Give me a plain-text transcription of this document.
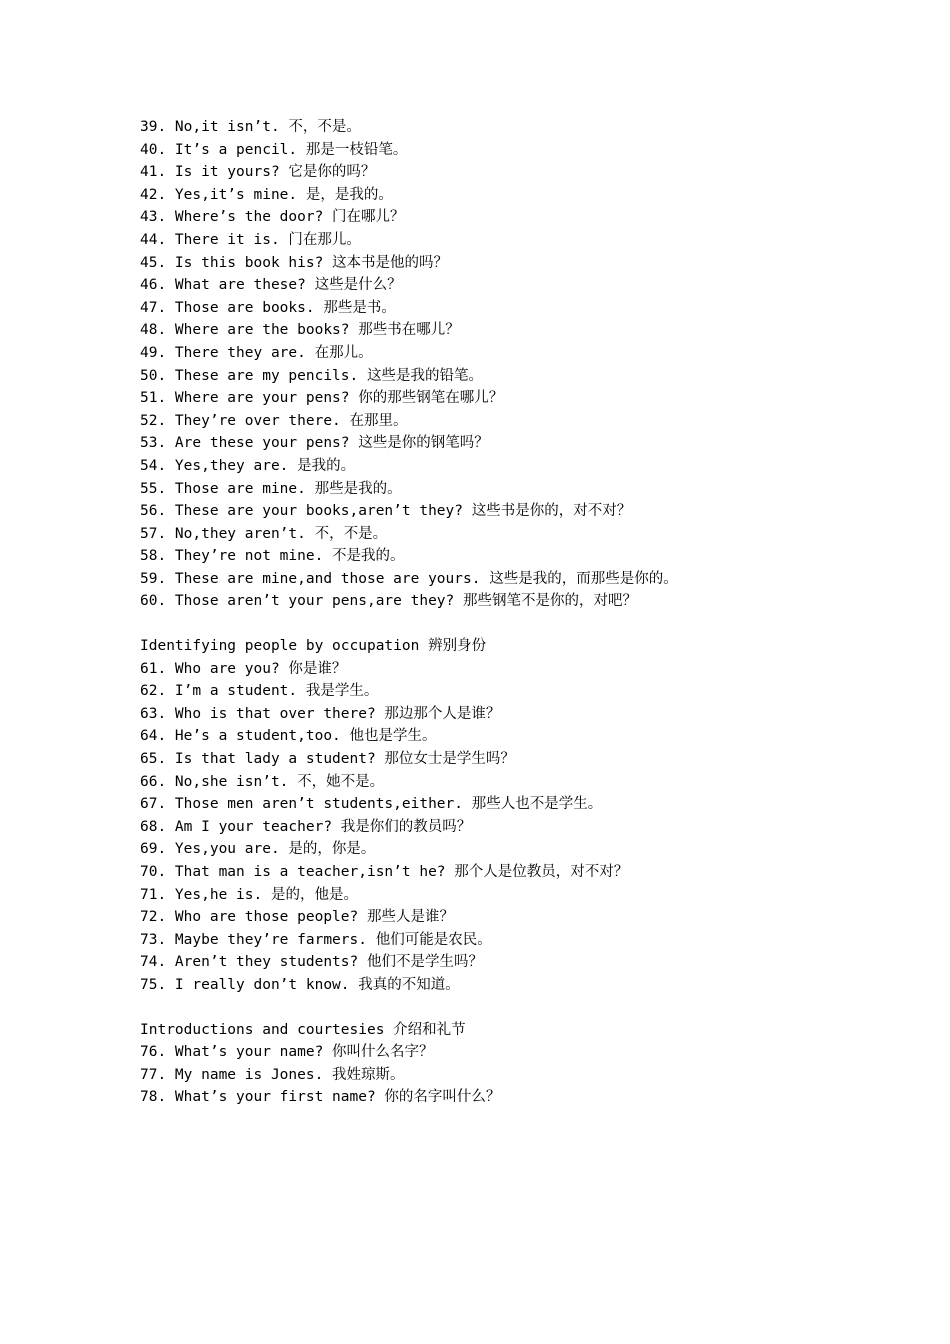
39. No,it isn’t. 不，不是。
40. It’s a pencil. 那是一枝铅笔。
41. Is it yours? 它是你的吗？
42. Yes,it’s mine. 是，是我的。
43. Where’s the door? 门在哪儿？
44. There it is. 门在那儿。
45. Is this book his? 这本书是他的吗？
46. What are these? 这些是什么？
47. Those are books. 那些是书。
48. Where are the books? 那些书在哪儿？
49. There they are. 在那儿。
50. These are my pencils. 这些是我的铅笔。
51. Where are your pens? 你的那些钢笔在哪儿？
52. They’re over there. 在那里。
53. Are these your pens? 这些是你的钢笔吗？
54. Yes,they are. 是我的。
55. Those are mine. 那些是我的。
56. These are your books,aren’t they? 这些书是你的，对不对？
57. No,they aren’t. 不，不是。
58. They’re not mine. 不是我的。
59. These are mine,and those are yours. 这些是我的，而那些是你的。
60. Those aren’t your pens,are they? 那些钢笔不是你的，对吧？
Identifying people by occupation 辨别身份
61. Who are you? 你是谁？
62. I’m a student. 我是学生。
63. Who is that over there? 那边那个人是谁？
64. He’s a student,too. 他也是学生。
65. Is that lady a student? 那位女士是学生吗？
66. No,she isn’t. 不，她不是。
67. Those men aren’t students,either. 那些人也不是学生。
68. Am I your teacher? 我是你们的教员吗？
69. Yes,you are. 是的，你是。
70. That man is a teacher,isn’t he? 那个人是位教员，对不对？
71. Yes,he is. 是的，他是。
72. Who are those people? 那些人是谁？
73. Maybe they’re farmers. 他们可能是农民。
74. Aren’t they students? 他们不是学生吗？
75. I really don’t know. 我真的不知道。
Introductions and courtesies 介绍和礼节
76. What’s your name? 你叫什么名字？
77. My name is Jones. 我姓琼斯。
78. What’s your first name? 你的名字叫什么？
